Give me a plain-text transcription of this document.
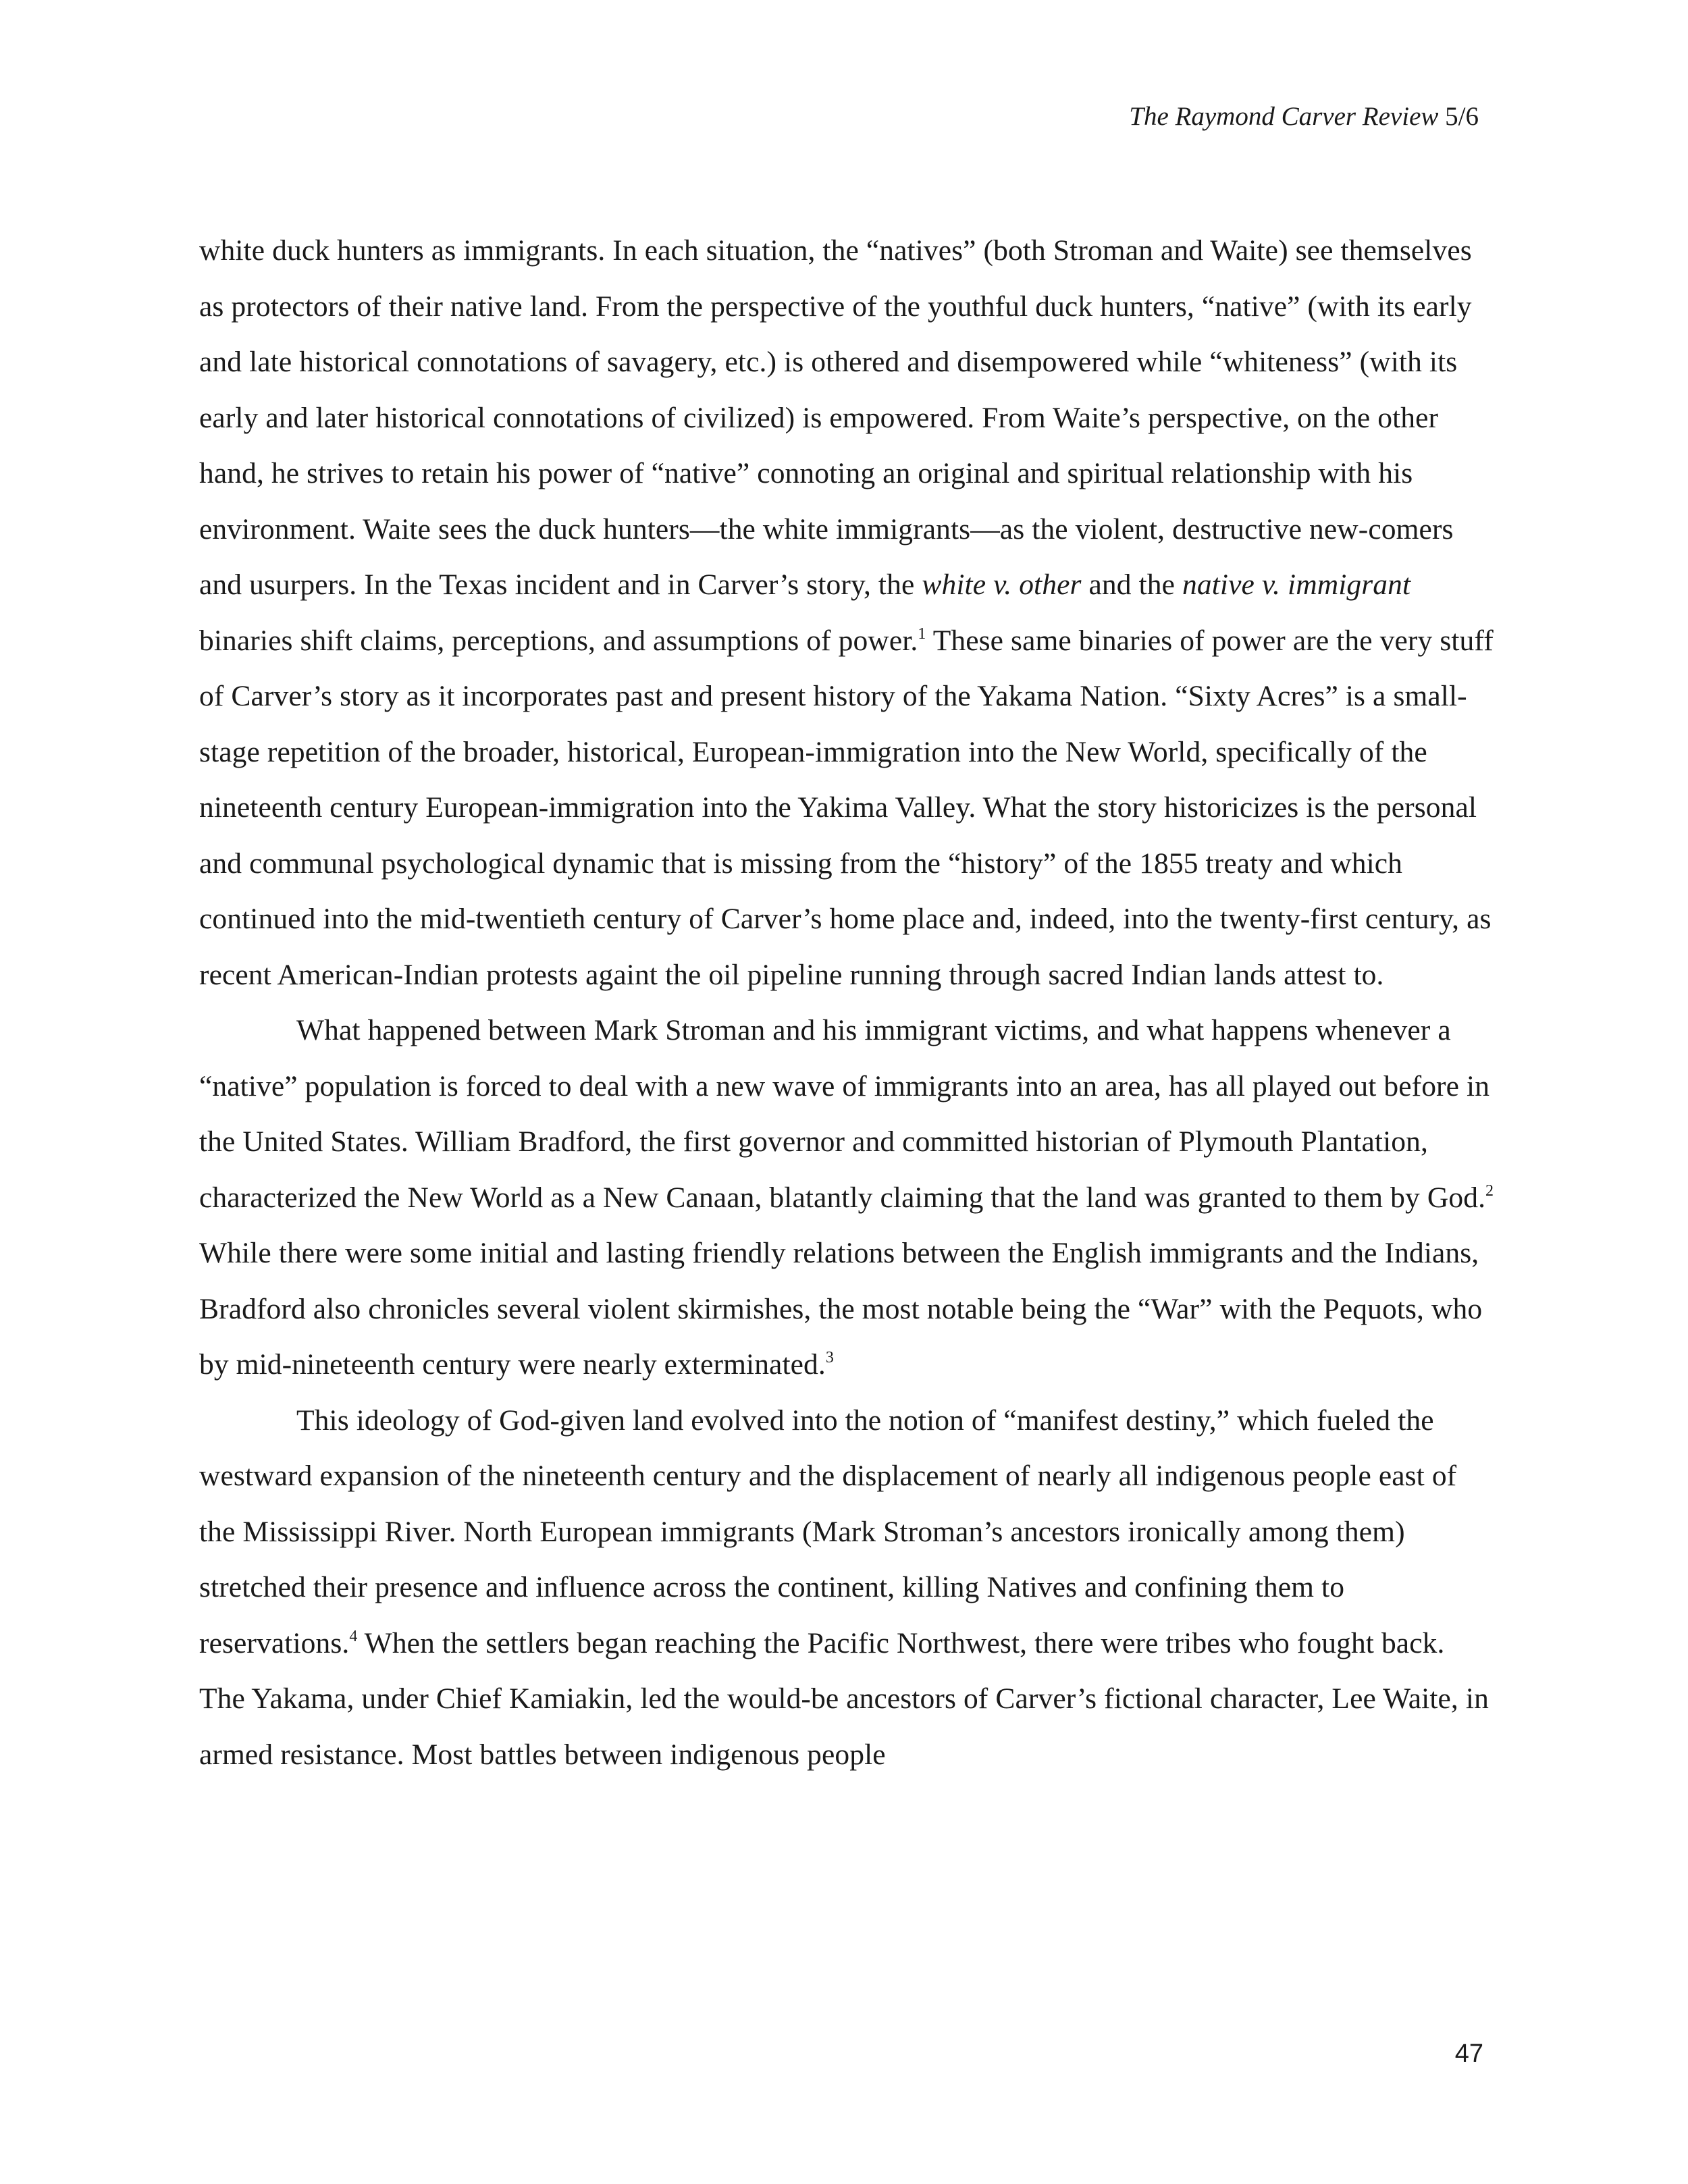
The Raymond Carver Review 5/6

white duck hunters as immigrants. In each situation, the “natives” (both Stroman and Waite) see themselves as protectors of their native land. From the perspective of the youthful duck hunters, “native” (with its early and late historical connotations of savagery, etc.) is othered and disempowered while “whiteness” (with its early and later historical connotations of civilized) is empowered. From Waite’s perspective, on the other hand, he strives to retain his power of “native” connoting an original and spiritual relationship with his environment. Waite sees the duck hunters—the white immigrants—as the violent, destructive new-comers and usurpers. In the Texas incident and in Carver’s story, the white v. other and the native v. immigrant binaries shift claims, perceptions, and assumptions of power.$^1$ These same binaries of power are the very stuff of Carver’s story as it incorporates past and present history of the Yakama Nation. “Sixty Acres” is a small-stage repetition of the broader, historical, European-immigration into the New World, specifically of the nineteenth century European-immigration into the Yakima Valley. What the story historicizes is the personal and communal psychological dynamic that is missing from the “history” of the 1855 treaty and which continued into the mid-twentieth century of Carver’s home place and, indeed, into the twenty-first century, as recent American-Indian protests againt the oil pipeline running through sacred Indian lands attest to.

What happened between Mark Stroman and his immigrant victims, and what happens whenever a “native” population is forced to deal with a new wave of immigrants into an area, has all played out before in the United States. William Bradford, the first governor and committed historian of Plymouth Plantation, characterized the New World as a New Canaan, blatantly claiming that the land was granted to them by God.$^2$ While there were some initial and lasting friendly relations between the English immigrants and the Indians, Bradford also chronicles several violent skirmishes, the most notable being the “War” with the Pequots, who by mid-nineteenth century were nearly exterminated.$^3$

This ideology of God-given land evolved into the notion of “manifest destiny,” which fueled the westward expansion of the nineteenth century and the displacement of nearly all indigenous people east of the Mississippi River. North European immigrants (Mark Stroman’s ancestors ironically among them) stretched their presence and influence across the continent, killing Natives and confining them to reservations.$^4$ When the settlers began reaching the Pacific Northwest, there were tribes who fought back. The Yakama, under Chief Kamiakin, led the would-be ancestors of Carver’s fictional character, Lee Waite, in armed resistance. Most battles between indigenous people

47
